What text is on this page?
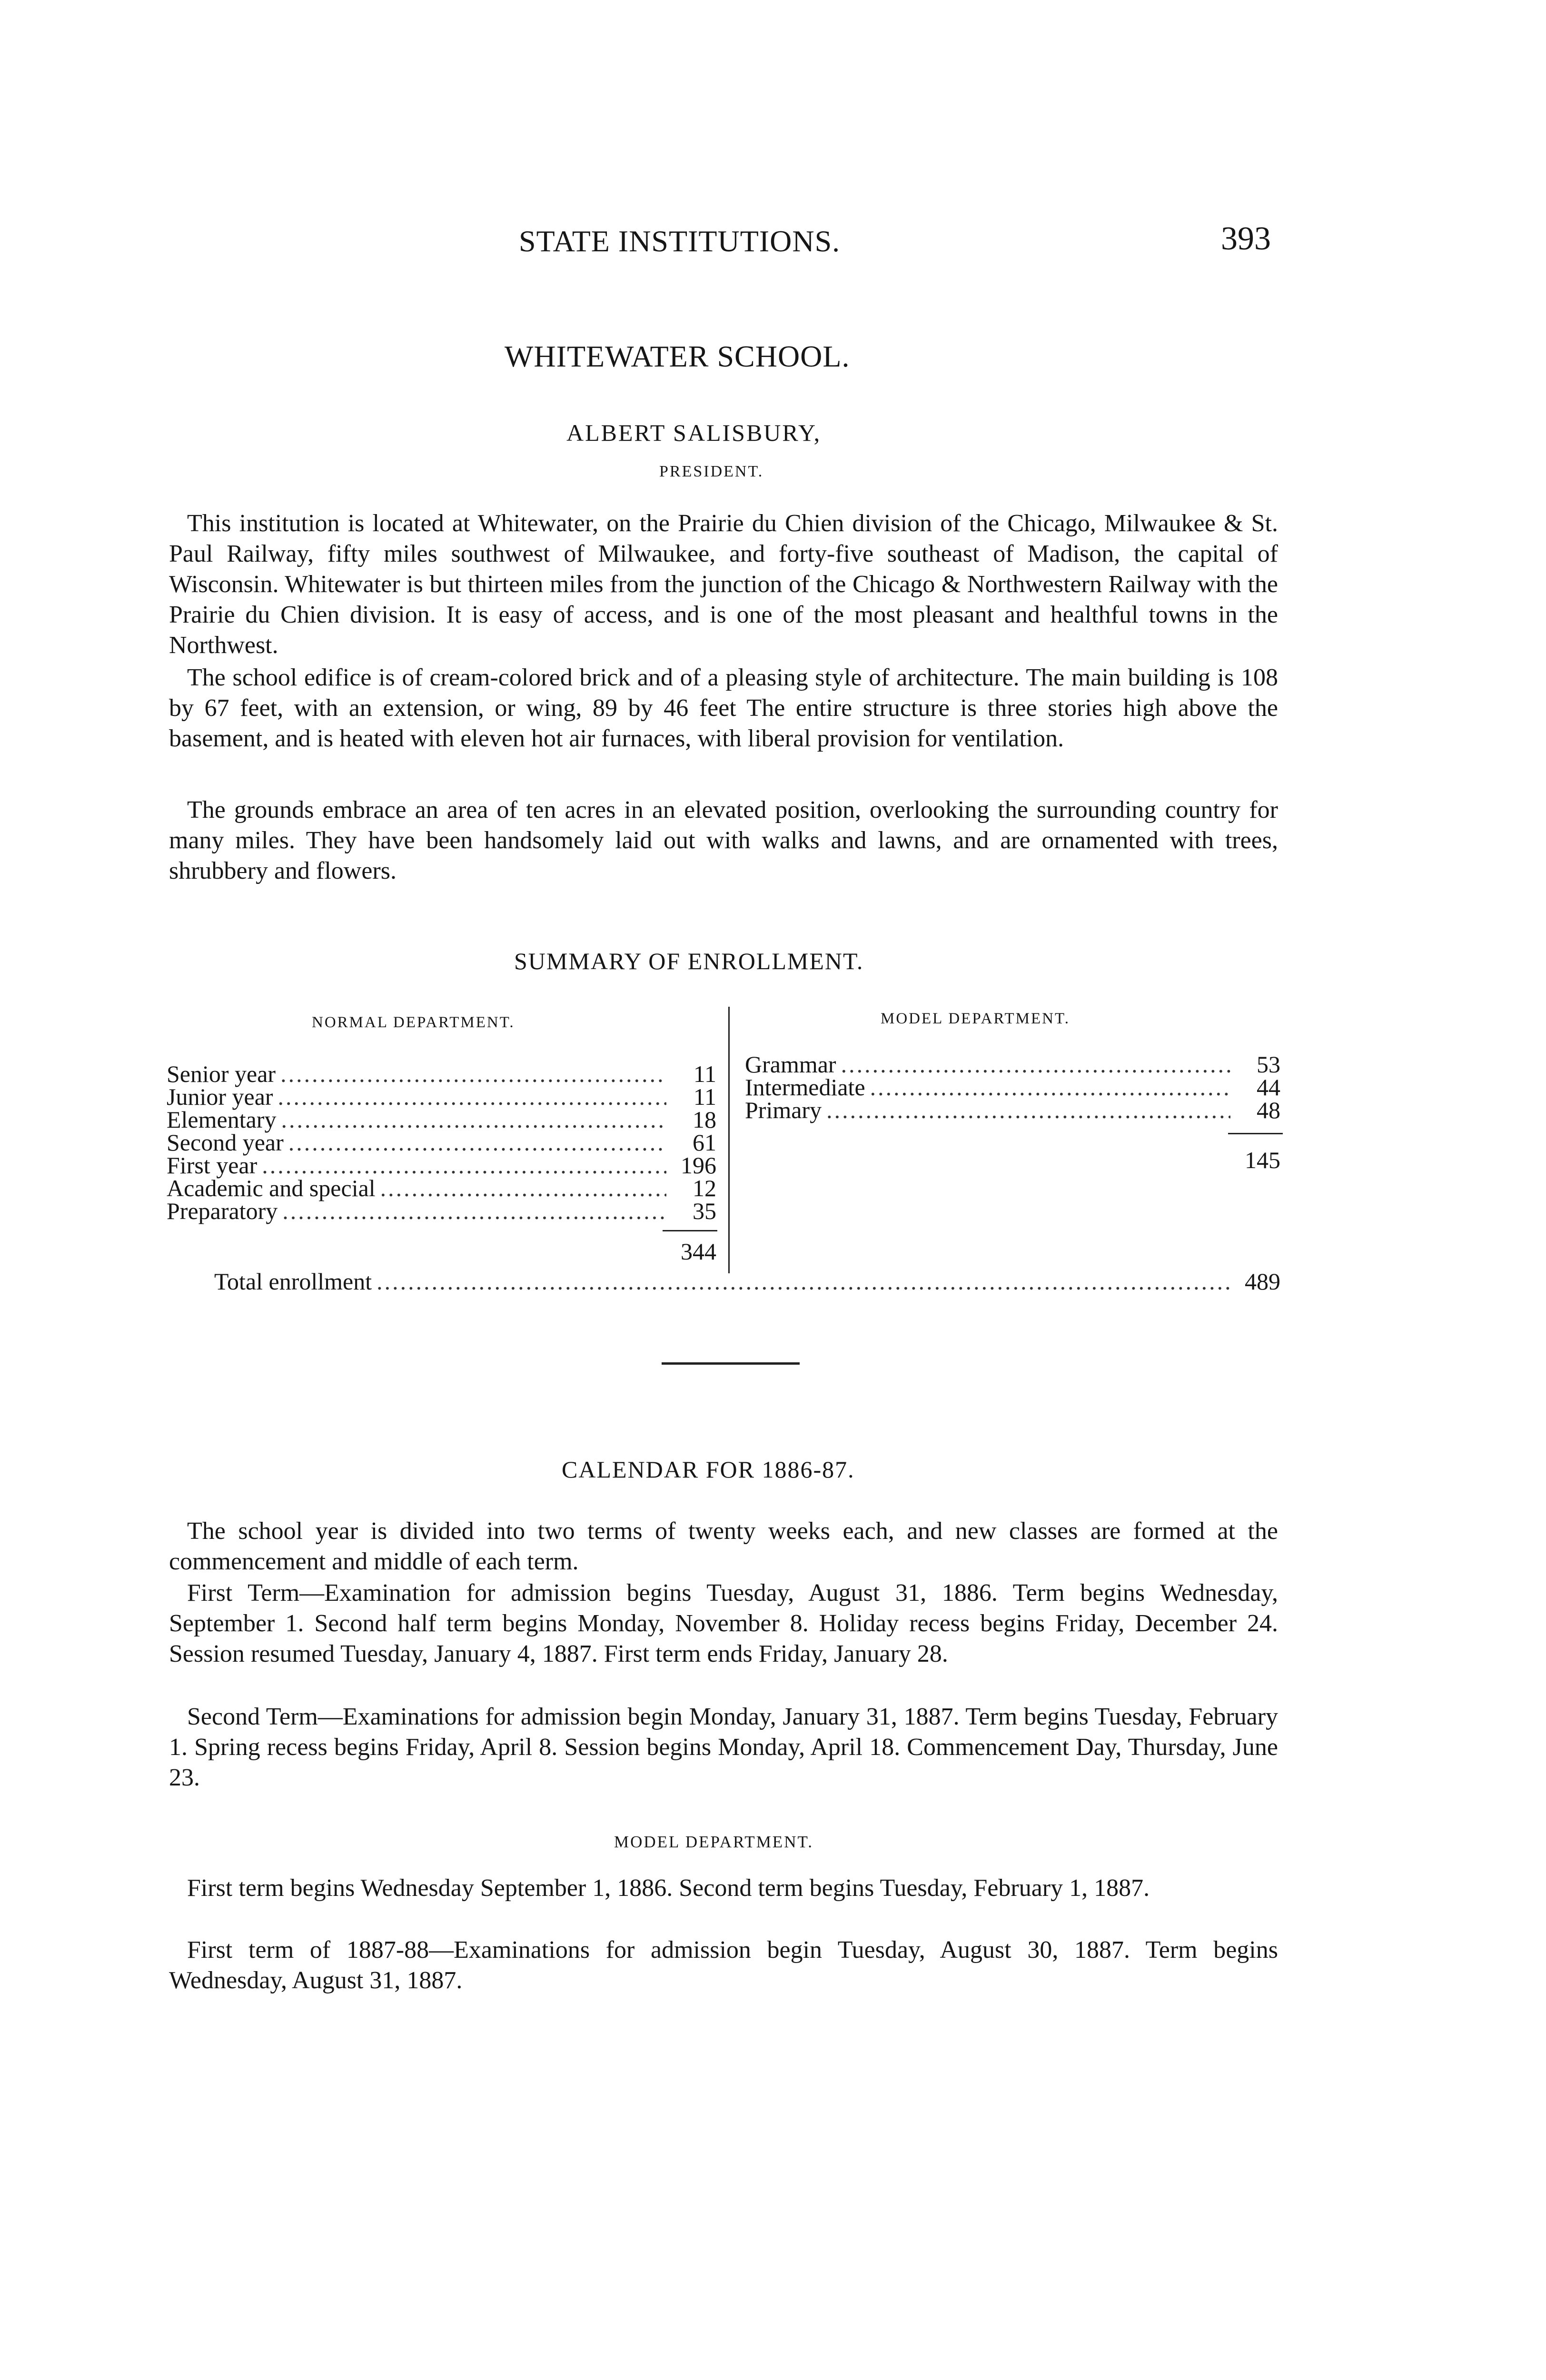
STATE INSTITUTIONS.	393
WHITEWATER SCHOOL.
ALBERT SALISBURY,
PRESIDENT.
This institution is located at Whitewater, on the Prairie du Chien division of the Chicago, Milwaukee & St. Paul Railway, fifty miles southwest of Milwaukee, and forty-five southeast of Madison, the capital of Wisconsin. Whitewater is but thirteen miles from the junction of the Chicago & Northwestern Railway with the Prairie du Chien division. It is easy of access, and is one of the most pleasant and healthful towns in the Northwest.
The school edifice is of cream-colored brick and of a pleasing style of architecture. The main building is 108 by 67 feet, with an extension, or wing, 89 by 46 feet The entire structure is three stories high above the basement, and is heated with eleven hot air furnaces, with liberal provision for ventilation.
The grounds embrace an area of ten acres in an elevated position, overlooking the surrounding country for many miles. They have been handsomely laid out with walks and lawns, and are ornamented with trees, shrubbery and flowers.
SUMMARY OF ENROLLMENT.
NORMAL DEPARTMENT.	MODEL DEPARTMENT.
Senior year .....	11
Junior year .....	11
Elementary .....	18
Second year .....	61
First year .....	196
Academic and special .....	12
Preparatory .....	35
344
Grammar .....	53
Intermediate .....	44
Primary .....	48
145
Total enrollment .....	489
CALENDAR FOR 1886-87.
The school year is divided into two terms of twenty weeks each, and new classes are formed at the commencement and middle of each term.
First Term—Examination for admission begins Tuesday, August 31, 1886. Term begins Wednesday, September 1. Second half term begins Monday, November 8. Holiday recess begins Friday, December 24. Session resumed Tuesday, January 4, 1887. First term ends Friday, January 28.
Second Term—Examinations for admission begin Monday, January 31, 1887. Term begins Tuesday, February 1. Spring recess begins Friday, April 8. Session begins Monday, April 18. Commencement Day, Thursday, June 23.
MODEL DEPARTMENT.
First term begins Wednesday September 1, 1886. Second term begins Tuesday, February 1, 1887.
First term of 1887-88—Examinations for admission begin Tuesday, August 30, 1887. Term begins Wednesday, August 31, 1887.
